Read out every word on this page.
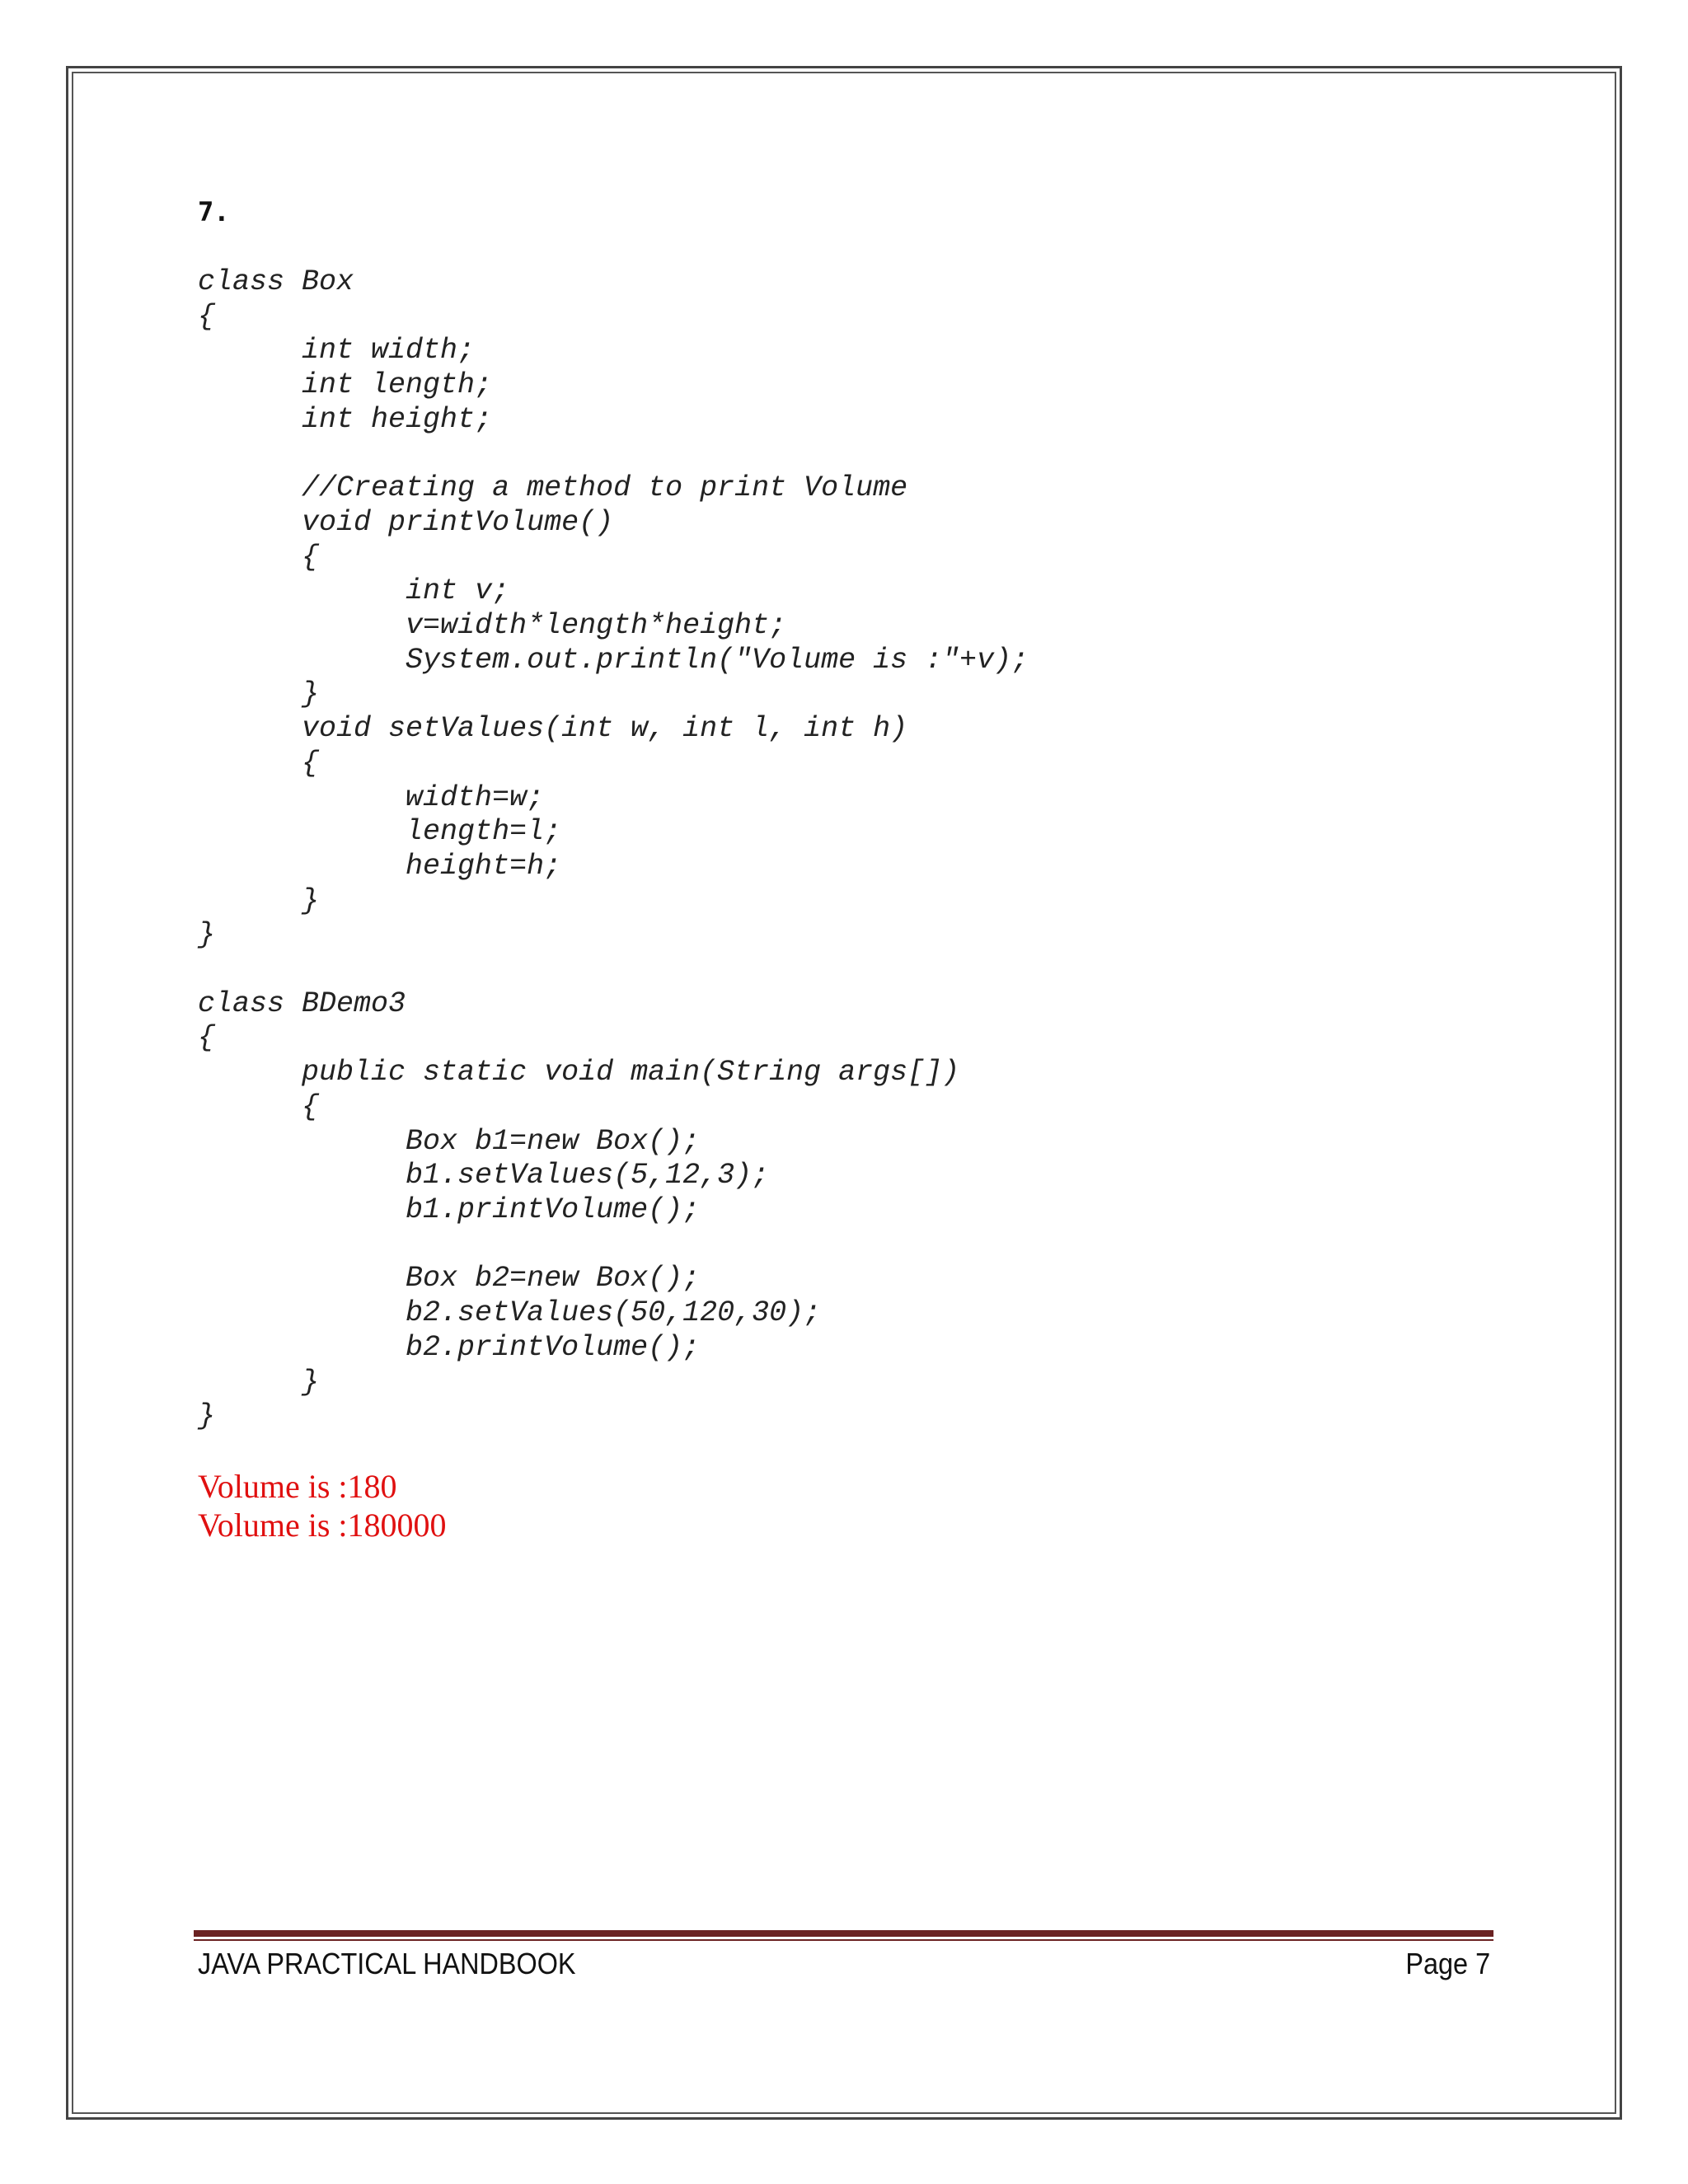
7.

class Box
{
	int width;
	int length;
	int height;

	//Creating a method to print Volume
	void printVolume()
	{
		int v;
		v=width*length*height;
		System.out.println("Volume is :"+v);
	}
	void setValues(int w, int l, int h)
	{
		width=w;
		length=l;
		height=h;
	}
}

class BDemo3
{
	public static void main(String args[])
	{
		Box b1=new Box();
		b1.setValues(5,12,3);
		b1.printVolume();

		Box b2=new Box();
		b2.setValues(50,120,30);
		b2.printVolume();
	}
}
Volume is :180
Volume is :180000

JAVA PRACTICAL HANDBOOK	Page 7
